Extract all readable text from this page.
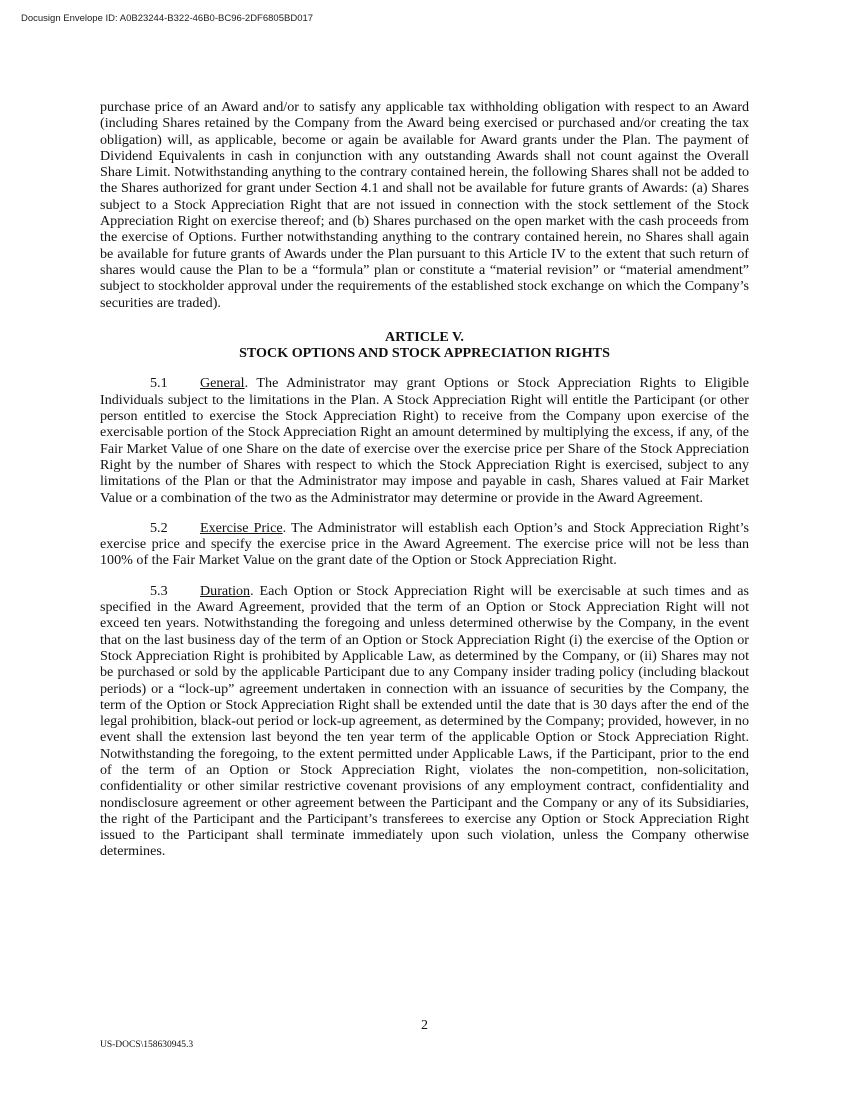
Docusign Envelope ID: A0B23244-B322-46B0-BC96-2DF6805BD017

purchase price of an Award and/or to satisfy any applicable tax withholding obligation with respect to an Award (including Shares retained by the Company from the Award being exercised or purchased and/or creating the tax obligation) will, as applicable, become or again be available for Award grants under the Plan. The payment of Dividend Equivalents in cash in conjunction with any outstanding Awards shall not count against the Overall Share Limit. Notwithstanding anything to the contrary contained herein, the following Shares shall not be added to the Shares authorized for grant under Section 4.1 and shall not be available for future grants of Awards: (a) Shares subject to a Stock Appreciation Right that are not issued in connection with the stock settlement of the Stock Appreciation Right on exercise thereof; and (b) Shares purchased on the open market with the cash proceeds from the exercise of Options. Further notwithstanding anything to the contrary contained herein, no Shares shall again be available for future grants of Awards under the Plan pursuant to this Article IV to the extent that such return of shares would cause the Plan to be a “formula” plan or constitute a “material revision” or “material amendment” subject to stockholder approval under the requirements of the established stock exchange on which the Company’s securities are traded).

ARTICLE V.
STOCK OPTIONS AND STOCK APPRECIATION RIGHTS

5.1 General. The Administrator may grant Options or Stock Appreciation Rights to Eligible Individuals subject to the limitations in the Plan. A Stock Appreciation Right will entitle the Participant (or other person entitled to exercise the Stock Appreciation Right) to receive from the Company upon exercise of the exercisable portion of the Stock Appreciation Right an amount determined by multiplying the excess, if any, of the Fair Market Value of one Share on the date of exercise over the exercise price per Share of the Stock Appreciation Right by the number of Shares with respect to which the Stock Appreciation Right is exercised, subject to any limitations of the Plan or that the Administrator may impose and payable in cash, Shares valued at Fair Market Value or a combination of the two as the Administrator may determine or provide in the Award Agreement.

5.2 Exercise Price. The Administrator will establish each Option’s and Stock Appreciation Right’s exercise price and specify the exercise price in the Award Agreement. The exercise price will not be less than 100% of the Fair Market Value on the grant date of the Option or Stock Appreciation Right.

5.3 Duration. Each Option or Stock Appreciation Right will be exercisable at such times and as specified in the Award Agreement, provided that the term of an Option or Stock Appreciation Right will not exceed ten years. Notwithstanding the foregoing and unless determined otherwise by the Company, in the event that on the last business day of the term of an Option or Stock Appreciation Right (i) the exercise of the Option or Stock Appreciation Right is prohibited by Applicable Law, as determined by the Company, or (ii) Shares may not be purchased or sold by the applicable Participant due to any Company insider trading policy (including blackout periods) or a “lock-up” agreement undertaken in connection with an issuance of securities by the Company, the term of the Option or Stock Appreciation Right shall be extended until the date that is 30 days after the end of the legal prohibition, black-out period or lock-up agreement, as determined by the Company; provided, however, in no event shall the extension last beyond the ten year term of the applicable Option or Stock Appreciation Right. Notwithstanding the foregoing, to the extent permitted under Applicable Laws, if the Participant, prior to the end of the term of an Option or Stock Appreciation Right, violates the non-competition, non-solicitation, confidentiality or other similar restrictive covenant provisions of any employment contract, confidentiality and nondisclosure agreement or other agreement between the Participant and the Company or any of its Subsidiaries, the right of the Participant and the Participant’s transferees to exercise any Option or Stock Appreciation Right issued to the Participant shall terminate immediately upon such violation, unless the Company otherwise determines.

2

US-DOCS\158630945.3
